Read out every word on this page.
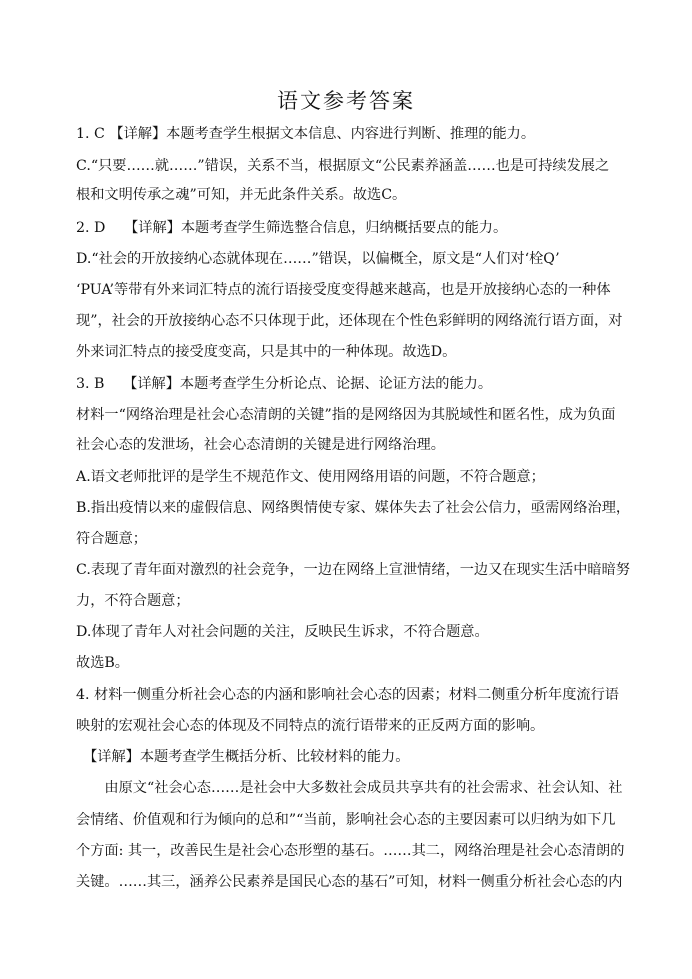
语文参考答案
1. C 【详解】本题考查学生根据文本信息、内容进行判断、推理的能力。
C.“只要……就……”错误，关系不当，根据原文“公民素养涵盖……也是可持续发展之
根和文明传承之魂”可知，并无此条件关系。故选C。
2. D　 【详解】本题考查学生筛选整合信息，归纳概括要点的能力。
D.“社会的开放接纳心态就体现在……”错误，以偏概全，原文是“人们对‘栓Q’
‘PUA’等带有外来词汇特点的流行语接受度变得越来越高，也是开放接纳心态的一种体
现”，社会的开放接纳心态不只体现于此，还体现在个性色彩鲜明的网络流行语方面，对
外来词汇特点的接受度变高，只是其中的一种体现。故选D。
3. B　 【详解】本题考查学生分析论点、论据、论证方法的能力。
材料一“网络治理是社会心态清朗的关键”指的是网络因为其脱域性和匿名性，成为负面
社会心态的发泄场，社会心态清朗的关键是进行网络治理。
A.语文老师批评的是学生不规范作文、使用网络用语的问题，不符合题意；
B.指出疫情以来的虚假信息、网络舆情使专家、媒体失去了社会公信力，亟需网络治理，
符合题意；
C.表现了青年面对激烈的社会竞争，一边在网络上宣泄情绪，一边又在现实生活中暗暗努
力，不符合题意；
D.体现了青年人对社会问题的关注，反映民生诉求，不符合题意。
故选B。
4. 材料一侧重分析社会心态的内涵和影响社会心态的因素；材料二侧重分析年度流行语
映射的宏观社会心态的体现及不同特点的流行语带来的正反两方面的影响。
　【详解】本题考查学生概括分析、比较材料的能力。
　　由原文“社会心态……是社会中大多数社会成员共享共有的社会需求、社会认知、社
会情绪、价值观和行为倾向的总和”“当前，影响社会心态的主要因素可以归纳为如下几
个方面: 其一，改善民生是社会心态形塑的基石。……其二，网络治理是社会心态清朗的
关键。……其三，涵养公民素养是国民心态的基石”可知，材料一侧重分析社会心态的内
